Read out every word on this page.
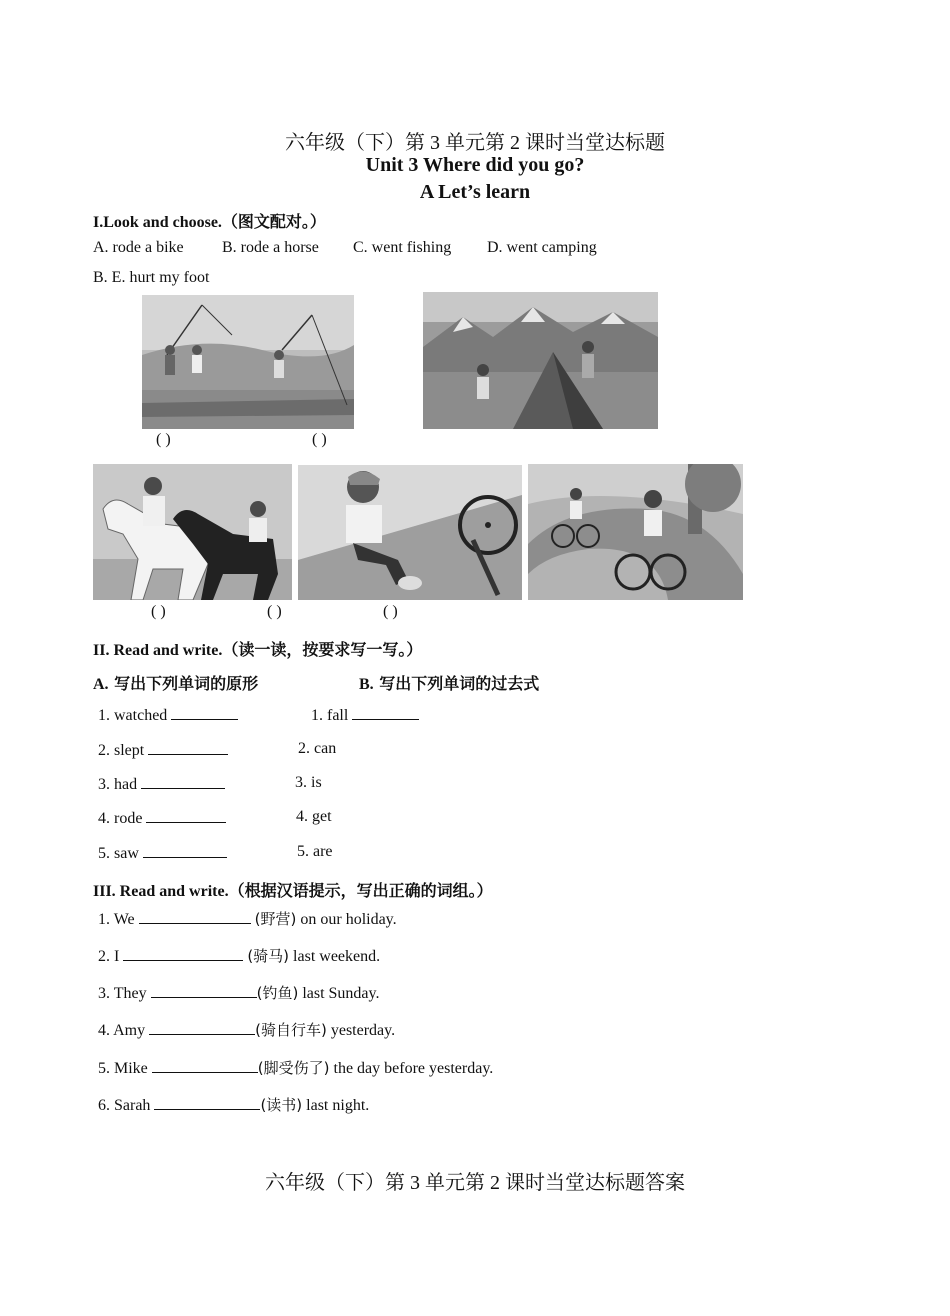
六年级（下）第 3 单元第 2 课时当堂达标题
Unit 3 Where did you go?
A Let’s learn
I.Look and choose.（图文配对。）
A. rode a bike B. rode a horse C. went fishing D. went camping
B. E. hurt my foot
( )	( )
( )	( )	( )
II. Read and write.（读一读，按要求写一写。）
A. 写出下列单词的原形	B. 写出下列单词的过去式
1. watched
2. slept
3. had
4. rode
5. saw
1. fall
2. can
3. is
4. get
5. are
III. Read and write.（根据汉语提示，写出正确的词组。）
1. We	(野营) on our holiday.
2. I	(骑马) last weekend.
3. They	(钓鱼) last Sunday.
4. Amy	(骑自行车) yesterday.
5. Mike	(脚受伤了) the day before yesterday.
6. Sarah	(读书) last night.
六年级（下）第 3 单元第 2 课时当堂达标题答案
